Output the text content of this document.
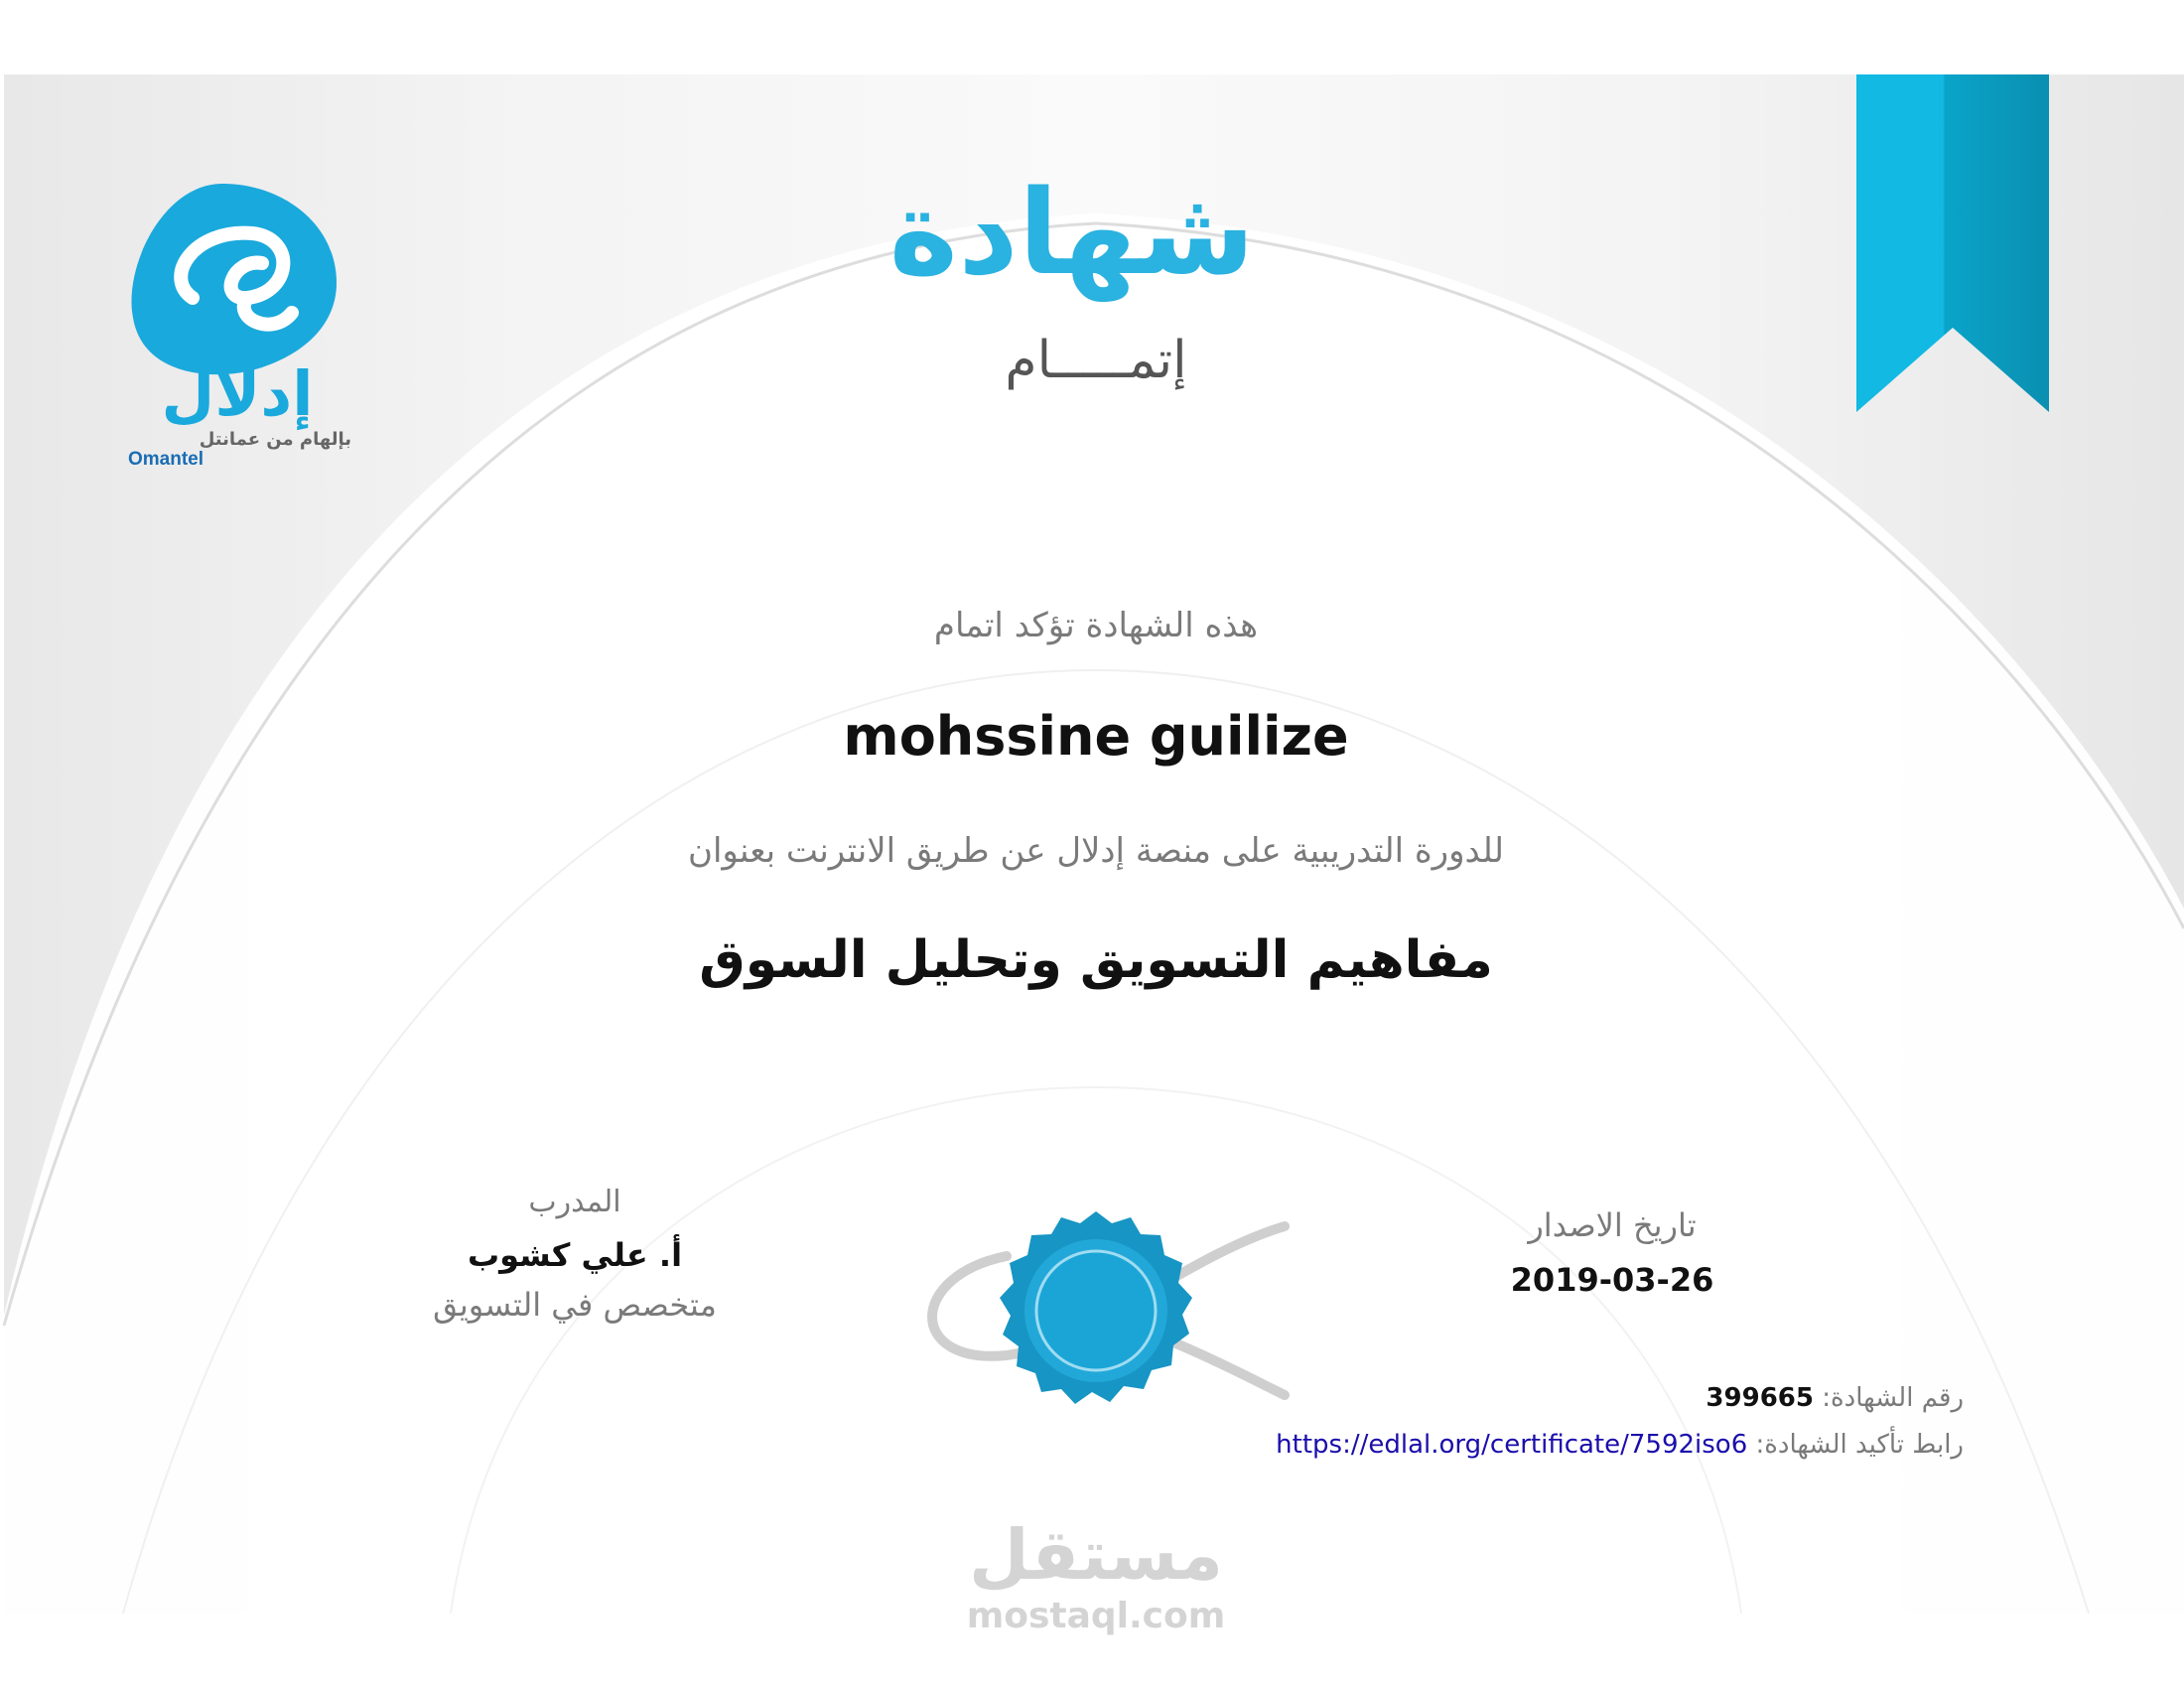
إدلال
بإلهام من عمانتل
Omantel
شهادة
إتمـــــام
هذه الشهادة تؤكد اتمام
mohssine guilize
للدورة التدريبية على منصة إدلال عن طريق الانترنت بعنوان
مفاهيم التسويق وتحليل السوق
المدرب
أ. علي كشوب
متخصص في التسويق
تاريخ الاصدار
2019-03-26
رقم الشهادة: 399665
رابط تأكيد الشهادة: https://edlal.org/certificate/7592iso6
مستقل
mostaql.com
